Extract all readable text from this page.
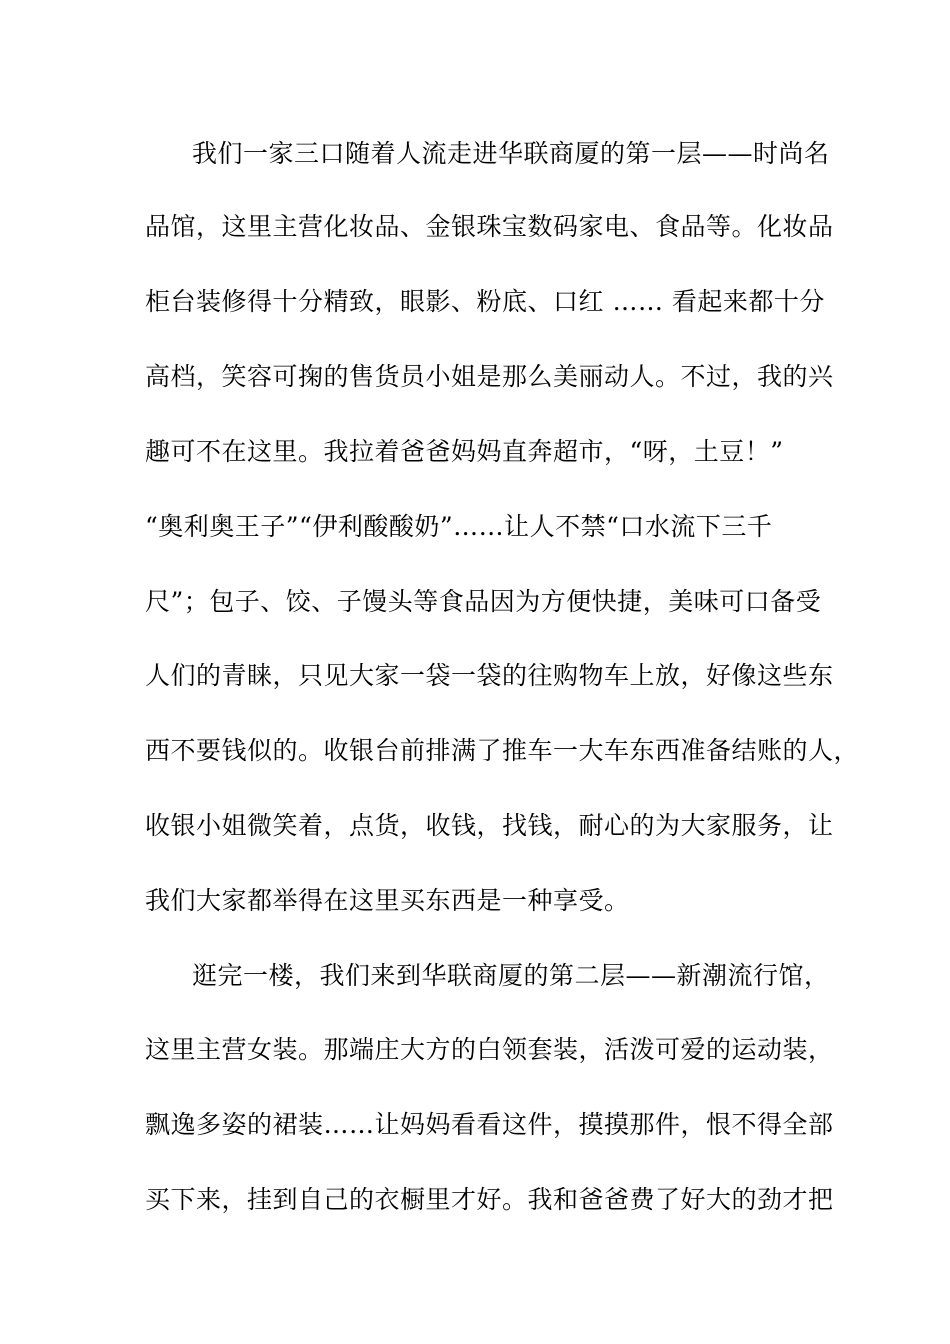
我们一家三口随着人流走进华联商厦的第一层——时尚名
品馆，这里主营化妆品、金银珠宝数码家电、食品等。化妆品
柜台装修得十分精致，眼影、粉底、口红 …… 看起来都十分
高档，笑容可掬的售货员小姐是那么美丽动人。不过，我的兴
趣可不在这里。我拉着爸爸妈妈直奔超市，“呀，土豆！”
“奥利奥王子”“伊利酸酸奶”……让人不禁“口水流下三千
尺”；包子、饺、子馒头等食品因为方便快捷，美味可口备受
人们的青睐，只见大家一袋一袋的往购物车上放，好像这些东
西不要钱似的。收银台前排满了推车一大车东西准备结账的人，
收银小姐微笑着，点货，收钱，找钱，耐心的为大家服务，让
我们大家都举得在这里买东西是一种享受。
逛完一楼，我们来到华联商厦的第二层——新潮流行馆，
这里主营女装。那端庄大方的白领套装，活泼可爱的运动装，
飘逸多姿的裙装……让妈妈看看这件，摸摸那件，恨不得全部
买下来，挂到自己的衣橱里才好。我和爸爸费了好大的劲才把
